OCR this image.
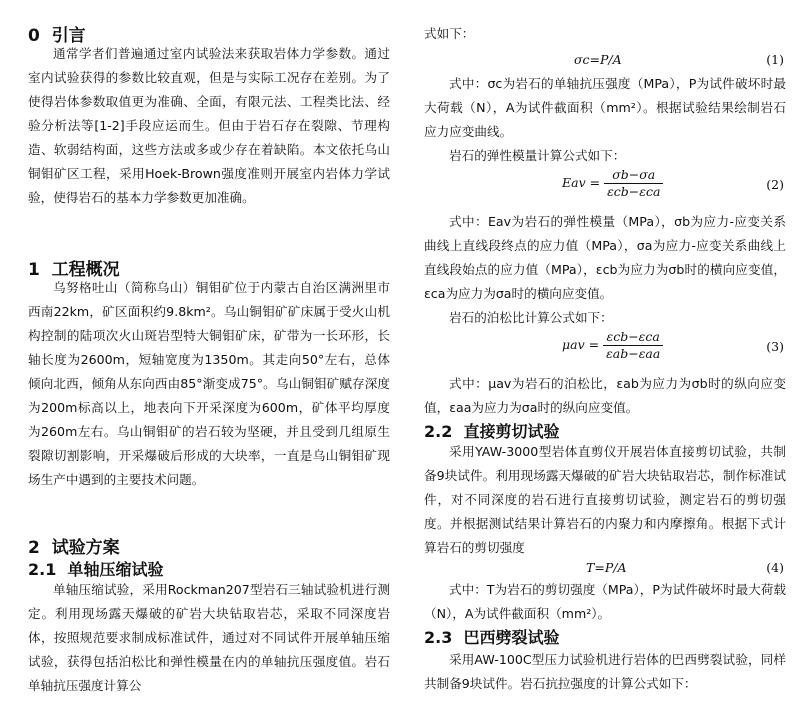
0 引言
通常学者们普遍通过室内试验法来获取岩体力学参数。通过室内试验获得的参数比较直观，但是与实际工况存在差别。为了使得岩体参数取值更为准确、全面，有限元法、工程类比法、经验分析法等[1-2]手段应运而生。但由于岩石存在裂隙、节理构造、软弱结构面，这些方法或多或少存在着缺陷。本文依托乌山铜钼矿区工程，采用Hoek-Brown强度准则开展室内岩体力学试验，使得岩石的基本力学参数更加准确。
1 工程概况
乌努格吐山（简称乌山）铜钼矿位于内蒙古自治区满洲里市西南22km，矿区面积约9.8km²。乌山铜钼矿矿床属于受火山机构控制的陆项次火山斑岩型特大铜钼矿床，矿带为一长环形，长轴长度为2600m，短轴宽度为1350m。其走向50°左右，总体倾向北西，倾角从东向西由85°渐变成75°。乌山铜钼矿赋存深度为200m标高以上，地表向下开采深度为600m，矿体平均厚度为260m左右。乌山铜钼矿的岩石较为坚硬，并且受到几组原生裂隙切割影响，开采爆破后形成的大块率，一直是乌山铜钼矿现场生产中遇到的主要技术问题。
2 试验方案
2.1 单轴压缩试验
单轴压缩试验，采用Rockman207型岩石三轴试验机进行测定。利用现场露天爆破的矿岩大块钻取岩芯，采取不同深度岩体，按照规范要求制成标准试件，通过对不同试件开展单轴压缩试验，获得包括泊松比和弹性模量在内的单轴抗压强度值。岩石单轴抗压强度计算公
式如下：
σc=P/A	(1)
式中：σc为岩石的单轴抗压强度（MPa），P为试件破坏时最大荷载（N），A为试件截面积（mm²）。根据试验结果绘制岩石应力应变曲线。
岩石的弹性模量计算公式如下：
Eav = $\frac{\sigma b-\sigma a}{\text{εcb−εca}}$	(2)
式中：Eav为岩石的弹性模量（MPa），σb为应力-应变关系曲线上直线段终点的应力值（MPa），σa为应力-应变关系曲线上直线段始点的应力值（MPa），εcb为应力为σb时的横向应变值，εca为应力为σa时的横向应变值。
岩石的泊松比计算公式如下：
$\mu av = \frac{\text{εcb−εca}}{\text{εab−εaa}}$	(3)
式中：μav为岩石的泊松比，εab为应力为σb时的纵向应变值，εaa为应力为σa时的纵向应变值。
2.2 直接剪切试验
采用YAW-3000型岩体直剪仪开展岩体直接剪切试验，共制备9块试件。利用现场露天爆破的矿岩大块钻取岩芯，制作标准试件，对不同深度的岩石进行直接剪切试验，测定岩石的剪切强度。并根据测试结果计算岩石的内聚力和内摩擦角。根据下式计算岩石的剪切强度
T=P/A	(4)
式中：T为岩石的剪切强度（MPa），P为试件破坏时最大荷载（N），A为试件截面积（mm²）。
2.3 巴西劈裂试验
采用AW-100C型压力试验机进行岩体的巴西劈裂试验，同样共制备9块试件。岩石抗拉强度的计算公式如下：
